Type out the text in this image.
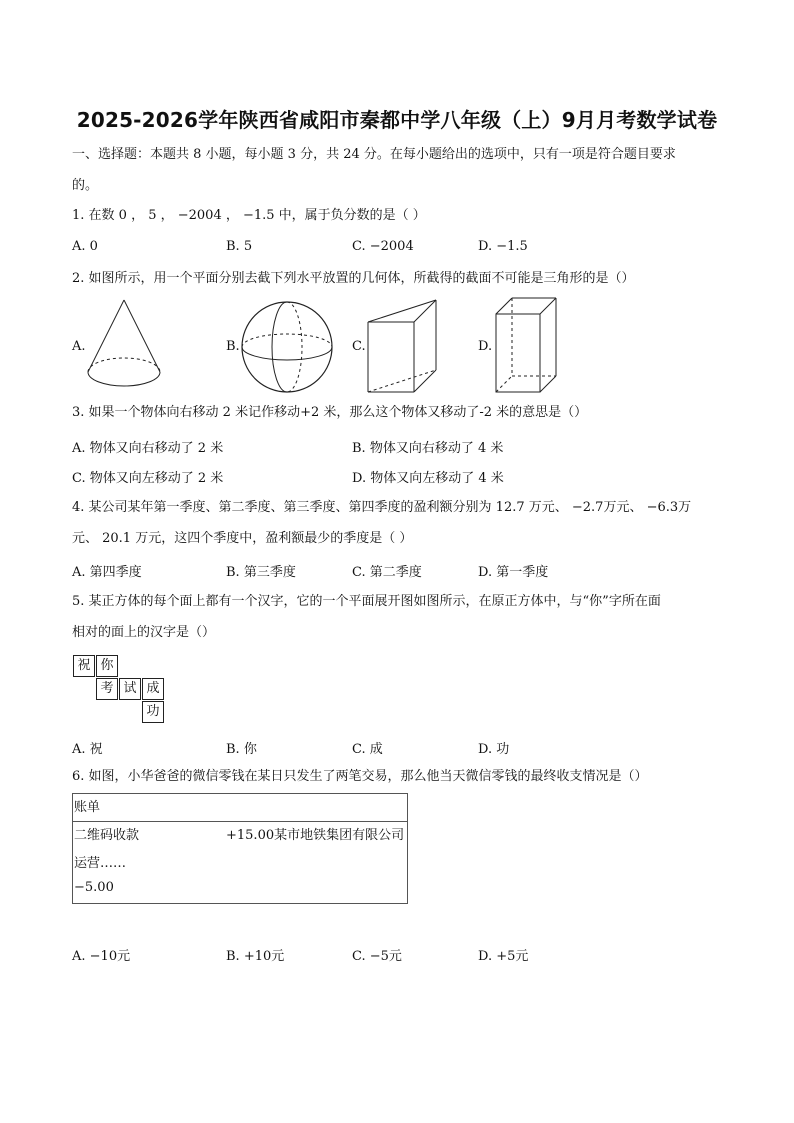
2025-2026学年陕西省咸阳市秦都中学八年级（上）9月月考数学试卷
一、选择题：本题共 8 小题，每小题 3 分，共 24 分。在每小题给出的选项中，只有一项是符合题目要求
的。
1. 在数 0 ， 5 ， −2004 ， −1.5 中，属于负分数的是（ ）
A. 0	B. 5	C. −2004	D. −1.5
2. 如图所示，用一个平面分别去截下列水平放置的几何体，所截得的截面不可能是三角形的是（）
A.	B.	C.	D.
3. 如果一个物体向右移动 2 米记作移动+2 米，那么这个物体又移动了-2 米的意思是（）
A. 物体又向右移动了 2 米	B. 物体又向右移动了 4 米
C. 物体又向左移动了 2 米	D. 物体又向左移动了 4 米
4. 某公司某年第一季度、第二季度、第三季度、第四季度的盈利额分别为 12.7 万元、 −2.7万元、 −6.3万
元、 20.1 万元，这四个季度中，盈利额最少的季度是（ ）
A. 第四季度	B. 第三季度	C. 第二季度	D. 第一季度
5. 某正方体的每个面上都有一个汉字，它的一个平面展开图如图所示，在原正方体中，与“你”字所在面
相对的面上的汉字是（）
祝 你
考 试 成
功
A. 祝	B. 你	C. 成	D. 功
6. 如图，小华爸爸的微信零钱在某日只发生了两笔交易，那么他当天微信零钱的最终收支情况是（）
账单
二维码收款	+15.00某市地铁集团有限公司
运营……
−5.00
A. −10元	B. +10元	C. −5元	D. +5元
